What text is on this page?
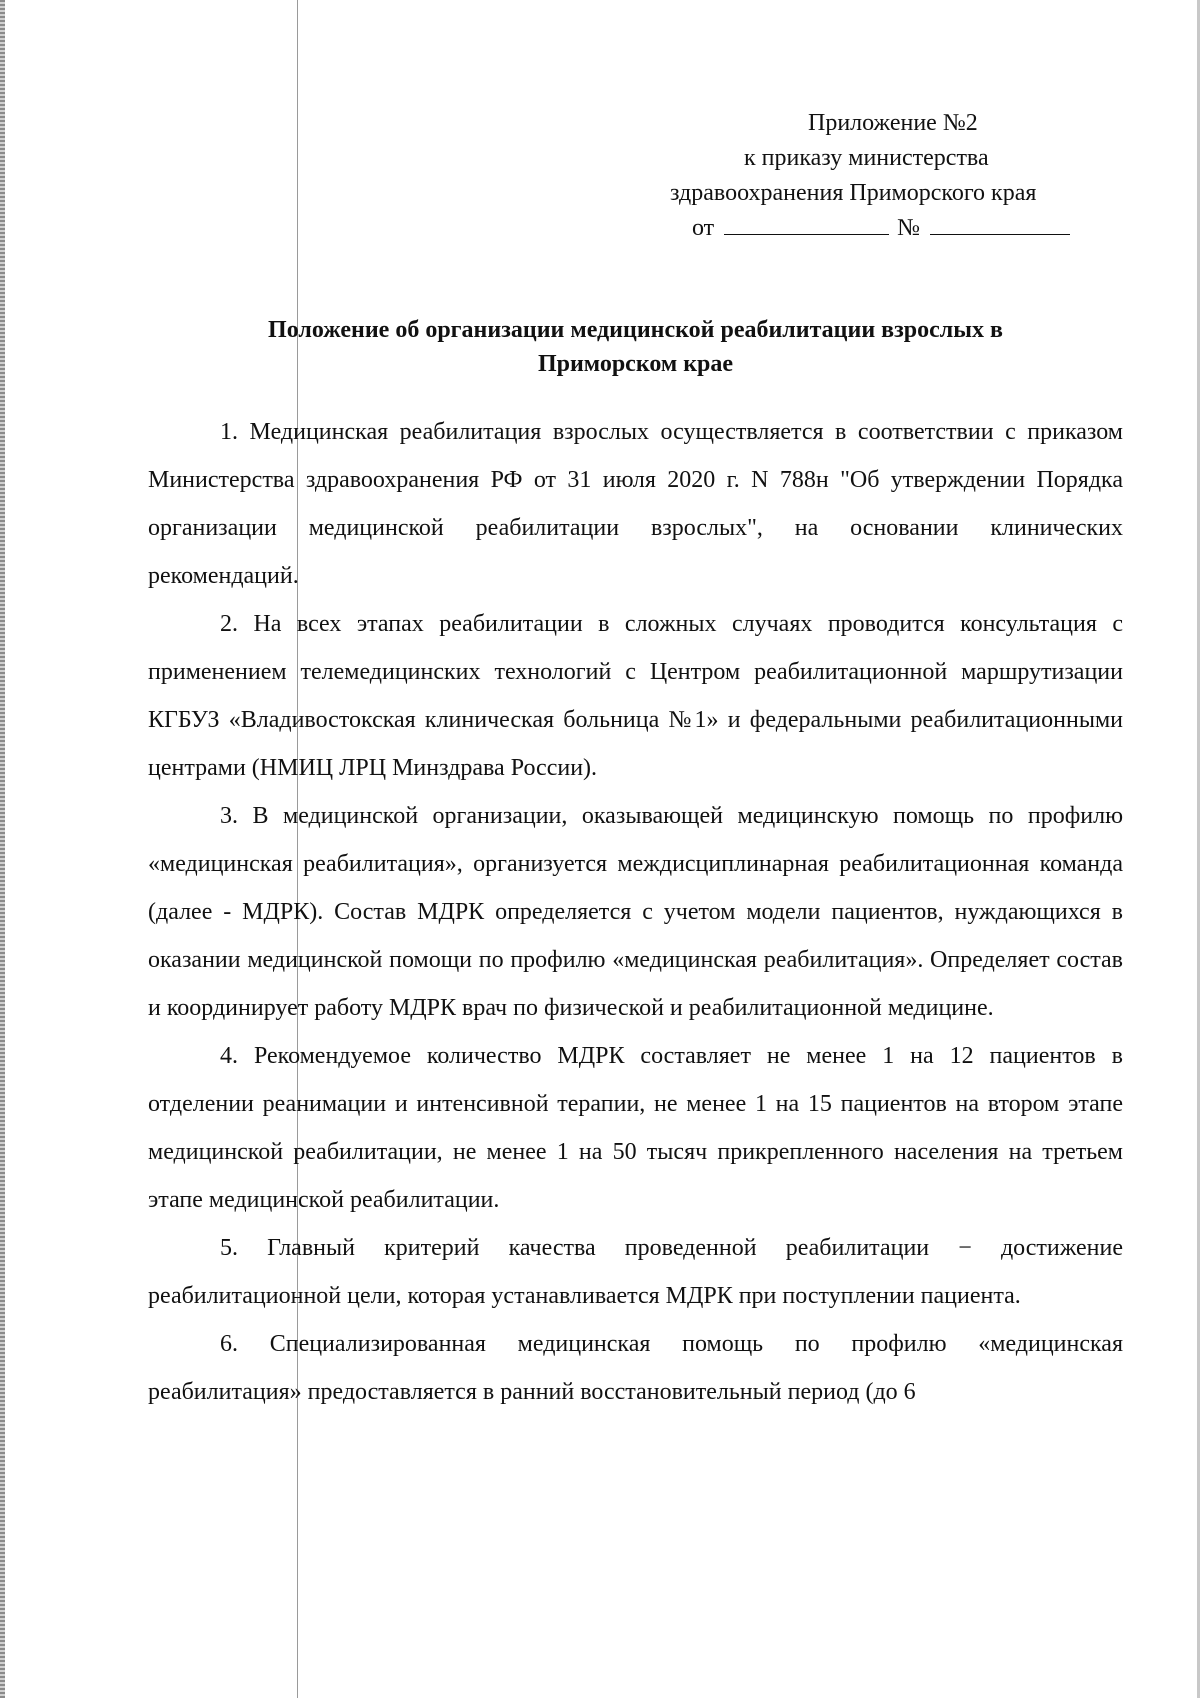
Приложение №2
к приказу министерства
здравоохранения Приморского края
от	№
Положение об организации медицинской реабилитации взрослых в
Приморском крае

1. Медицинская реабилитация взрослых осуществляется в соответствии с приказом Министерства здравоохранения РФ от 31 июля 2020 г. N 788н "Об утверждении Порядка организации медицинской реабилитации взрослых", на основании клинических рекомендаций.

2. На всех этапах реабилитации в сложных случаях проводится консультация с применением телемедицинских технологий с Центром реабилитационной маршрутизации КГБУЗ «Владивостокская клиническая больница №1» и федеральными реабилитационными центрами (НМИЦ ЛРЦ Минздрава России).

3. В медицинской организации, оказывающей медицинскую помощь по профилю «медицинская реабилитация», организуется междисциплинарная реабилитационная команда (далее - МДРК). Состав МДРК определяется с учетом модели пациентов, нуждающихся в оказании медицинской помощи по профилю «медицинская реабилитация». Определяет состав и координирует работу МДРК врач по физической и реабилитационной медицине.

4. Рекомендуемое количество МДРК составляет не менее 1 на 12 пациентов в отделении реанимации и интенсивной терапии, не менее 1 на 15 пациентов на втором этапе медицинской реабилитации, не менее 1 на 50 тысяч прикрепленного населения на третьем этапе медицинской реабилитации.

5. Главный критерий качества проведенной реабилитации − достижение реабилитационной цели, которая устанавливается МДРК при поступлении пациента.

6. Специализированная медицинская помощь по профилю «медицинская реабилитация» предоставляется в ранний восстановительный период (до 6
